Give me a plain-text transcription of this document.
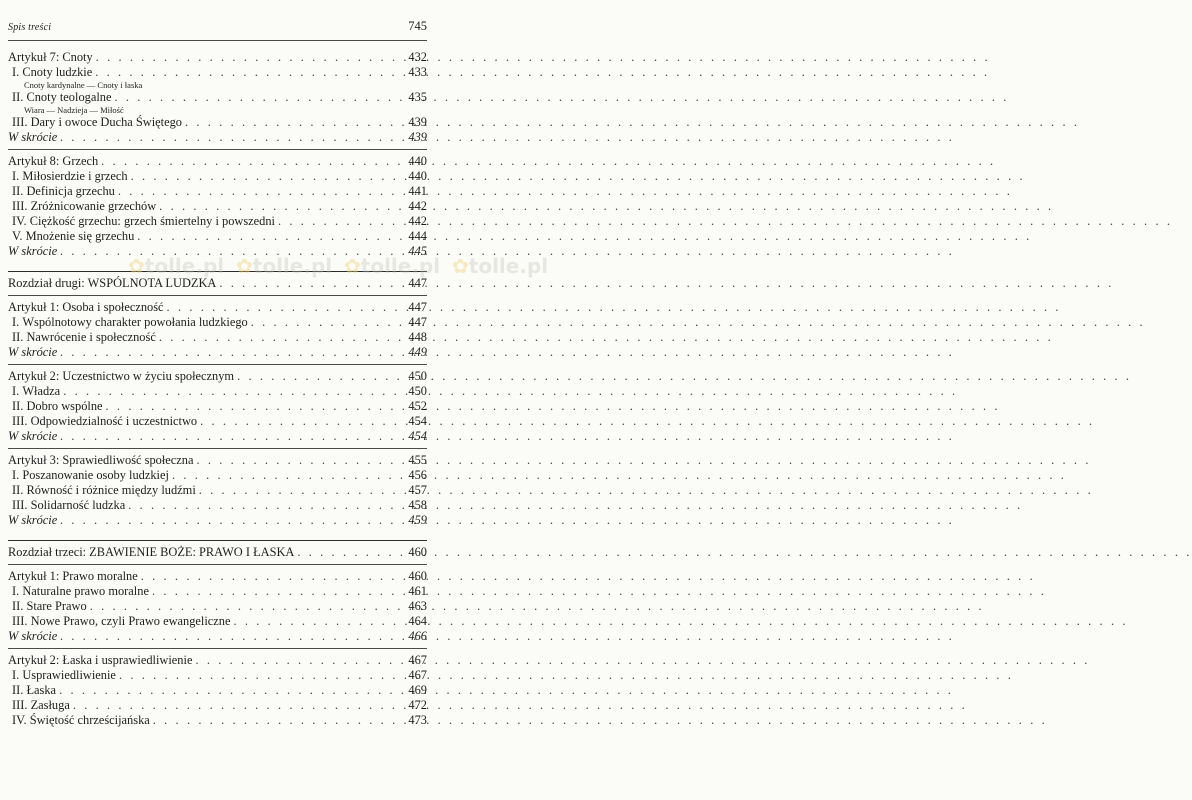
Spis treści	745
Artykuł 7: Cnoty . . .	432
I. Cnoty ludzkie . . .	433
Cnoty kardynalne — Cnoty i łaska
II. Cnoty teologalne . . .	435
Wiara — Nadzieja — Miłość
III. Dary i owoce Ducha Świętego . . .	439
W skrócie . . .	439
Artykuł 8: Grzech . . .	440
I. Miłosierdzie i grzech . . .	440
II. Definicja grzechu . . .	441
III. Zróżnicowanie grzechów . . .	442
IV. Ciężkość grzechu: grzech śmiertelny i powszedni . . .	442
V. Mnożenie się grzechu . . .	444
W skrócie . . .	445
Rozdział drugi: WSPÓLNOTA LUDZKA . . .	447
Artykuł 1: Osoba i społeczność . . .	447
I. Wspólnotowy charakter powołania ludzkiego . . .	447
II. Nawrócenie i społeczność . . .	448
W skrócie . . .	449
Artykuł 2: Uczestnictwo w życiu społecznym . . .	450
I. Władza . . .	450
II. Dobro wspólne . . .	452
III. Odpowiedzialność i uczestnictwo . . .	454
W skrócie . . .	454
Artykuł 3: Sprawiedliwość społeczna . . .	455
I. Poszanowanie osoby ludzkiej . . .	456
II. Równość i różnice między ludźmi . . .	457
III. Solidarność ludzka . . .	458
W skrócie . . .	459
Rozdział trzeci: ZBAWIENIE BOŻE: PRAWO I ŁASKA . . .	460
Artykuł 1: Prawo moralne . . .	460
I. Naturalne prawo moralne . . .	461
II. Stare Prawo . . .	463
III. Nowe Prawo, czyli Prawo ewangeliczne . . .	464
W skrócie . . .	466
Artykuł 2: Łaska i usprawiedliwienie . . .	467
I. Usprawiedliwienie . . .	467
II. Łaska . . .	469
III. Zasługa . . .	472
IV. Świętość chrześcijańska . . .	473
✿tolle.pl ✿tolle.pl ✿tolle.pl ✿tolle.pl
